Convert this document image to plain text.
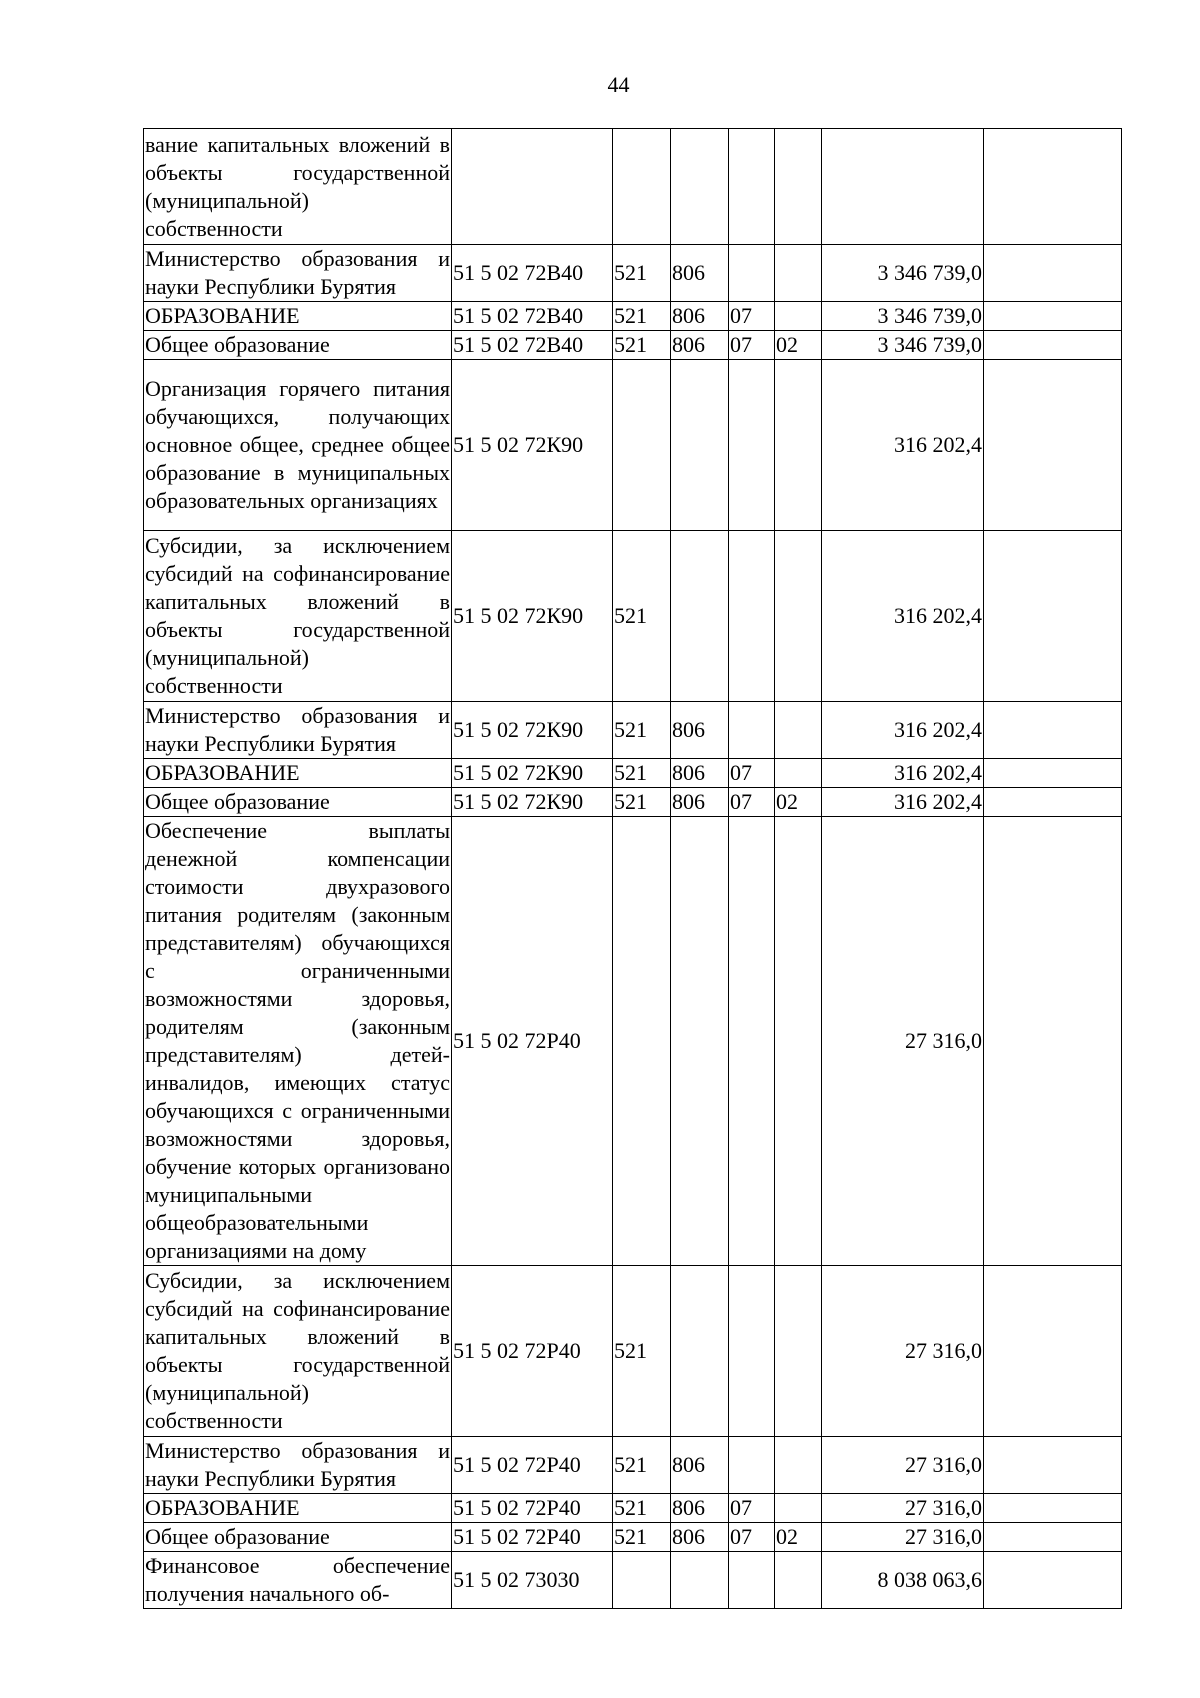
44
вание капитальных вложений в объекты государственной (муниципальной) собственности							
Министерство образования и науки Республики Бурятия	51 5 02 72В40	521	806			3 346 739,0	
ОБРАЗОВАНИЕ	51 5 02 72В40	521	806	07		3 346 739,0	
Общее образование	51 5 02 72В40	521	806	07	02	3 346 739,0	
Организация горячего питания обучающихся, получающих основное общее, среднее общее образование в муниципальных образовательных организациях	51 5 02 72К90					316 202,4	
Субсидии, за исключением субсидий на софинансирование капитальных вложений в объекты государственной (муниципальной) собственности	51 5 02 72К90	521				316 202,4	
Министерство образования и науки Республики Бурятия	51 5 02 72К90	521	806			316 202,4	
ОБРАЗОВАНИЕ	51 5 02 72К90	521	806	07		316 202,4	
Общее образование	51 5 02 72К90	521	806	07	02	316 202,4	
Обеспечение выплаты денежной компенсации стоимости двухразового питания родителям (законным представителям) обучающихся с ограниченными возможностями здоровья, родителям (законным представителям) детей-инвалидов, имеющих статус обучающихся с ограниченными возможностями здоровья, обучение которых организовано муниципальными общеобразовательными организациями на дому	51 5 02 72Р40					27 316,0	
Субсидии, за исключением субсидий на софинансирование капитальных вложений в объекты государственной (муниципальной) собственности	51 5 02 72Р40	521				27 316,0	
Министерство образования и науки Республики Бурятия	51 5 02 72Р40	521	806			27 316,0	
ОБРАЗОВАНИЕ	51 5 02 72Р40	521	806	07		27 316,0	
Общее образование	51 5 02 72Р40	521	806	07	02	27 316,0	
Финансовое обеспечение получения начального об-	51 5 02 73030					8 038 063,6	
